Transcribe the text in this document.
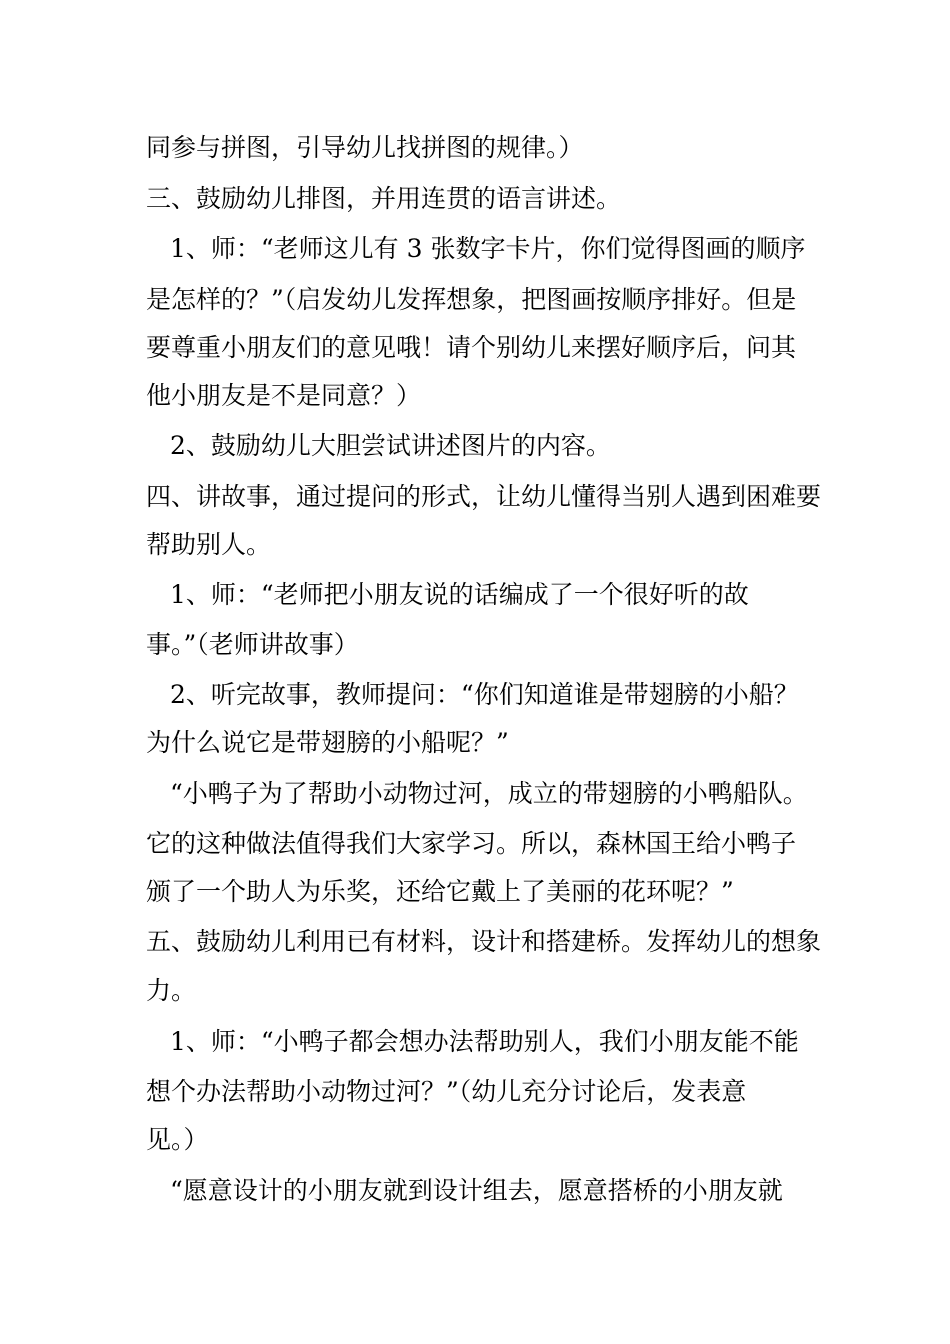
同参与拼图，引导幼儿找拼图的规律。）
三、鼓励幼儿排图，并用连贯的语言讲述。
1、师：“老师这儿有 3 张数字卡片，你们觉得图画的顺序
是怎样的？”（启发幼儿发挥想象，把图画按顺序排好。但是
要尊重小朋友们的意见哦！请个别幼儿来摆好顺序后，问其
他小朋友是不是同意？）
2、鼓励幼儿大胆尝试讲述图片的内容。
四、讲故事，通过提问的形式，让幼儿懂得当别人遇到困难要
帮助别人。
1、师：“老师把小朋友说的话编成了一个很好听的故
事。”（老师讲故事）
2、听完故事，教师提问：“你们知道谁是带翅膀的小船？
为什么说它是带翅膀的小船呢？”
“小鸭子为了帮助小动物过河，成立的带翅膀的小鸭船队。
它的这种做法值得我们大家学习。所以，森林国王给小鸭子
颁了一个助人为乐奖，还给它戴上了美丽的花环呢？”
五、鼓励幼儿利用已有材料，设计和搭建桥。发挥幼儿的想象
力。
1、师：“小鸭子都会想办法帮助别人，我们小朋友能不能
想个办法帮助小动物过河？”（幼儿充分讨论后，发表意
见。）
“愿意设计的小朋友就到设计组去，愿意搭桥的小朋友就
